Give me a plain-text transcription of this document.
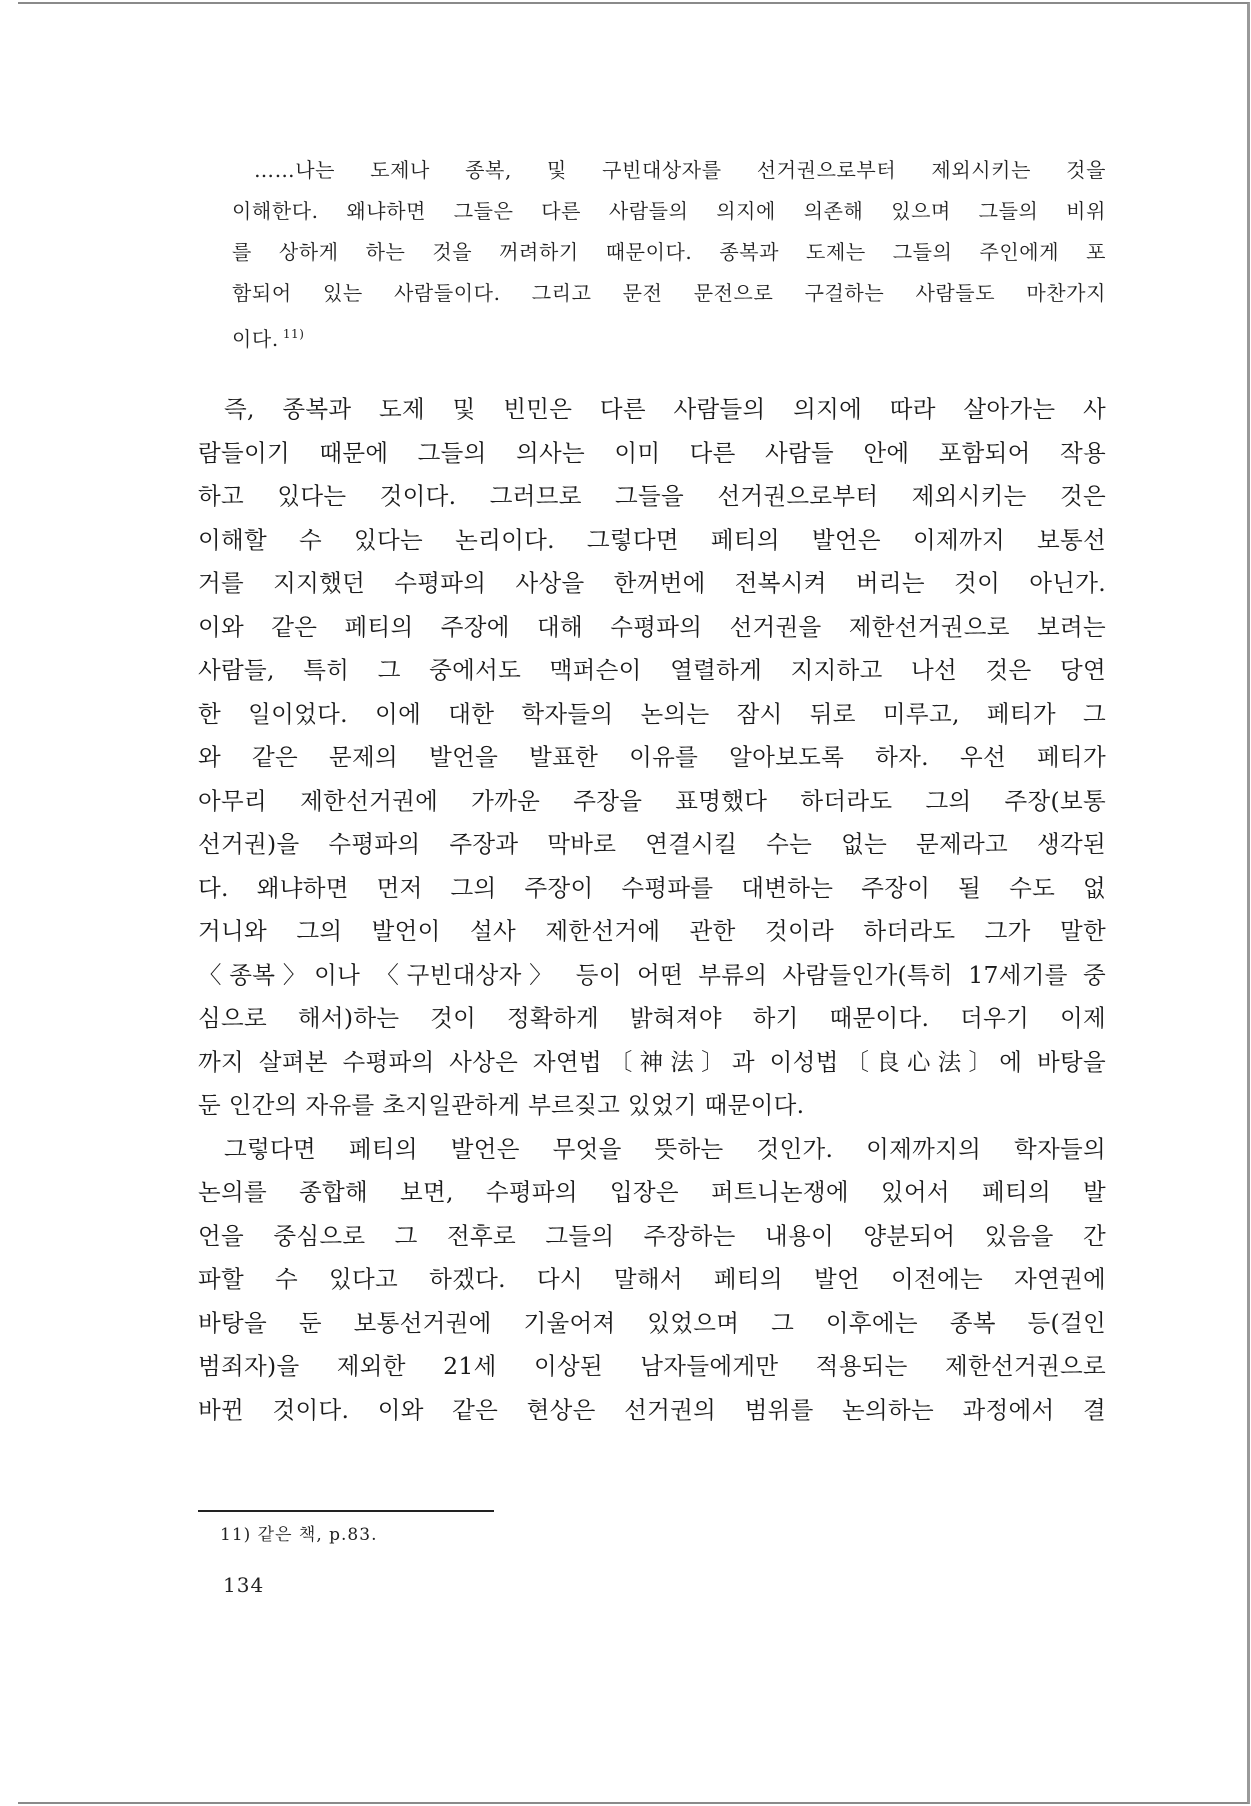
……나는 도제나 종복, 및 구빈대상자를 선거권으로부터 제외시키는 것을
이해한다. 왜냐하면 그들은 다른 사람들의 의지에 의존해 있으며 그들의 비위
를 상하게 하는 것을 꺼려하기 때문이다. 종복과 도제는 그들의 주인에게 포
함되어 있는 사람들이다. 그리고 문전 문전으로 구걸하는 사람들도 마찬가지
이다. $^{11)}$
즉, 종복과 도제 및 빈민은 다른 사람들의 의지에 따라 살아가는 사
람들이기 때문에 그들의 의사는 이미 다른 사람들 안에 포함되어 작용
하고 있다는 것이다. 그러므로 그들을 선거권으로부터 제외시키는 것은
이해할 수 있다는 논리이다. 그렇다면 페티의 발언은 이제까지 보통선
거를 지지했던 수평파의 사상을 한꺼번에 전복시켜 버리는 것이 아닌가.
이와 같은 페티의 주장에 대해 수평파의 선거권을 제한선거권으로 보려는
사람들, 특히 그 중에서도 맥퍼슨이 열렬하게 지지하고 나선 것은 당연
한 일이었다. 이에 대한 학자들의 논의는 잠시 뒤로 미루고, 페티가 그
와 같은 문제의 발언을 발표한 이유를 알아보도록 하자. 우선 페티가
아무리 제한선거권에 가까운 주장을 표명했다 하더라도 그의 주장(보통
선거권)을 수평파의 주장과 막바로 연결시킬 수는 없는 문제라고 생각된
다. 왜냐하면 먼저 그의 주장이 수평파를 대변하는 주장이 될 수도 없
거니와 그의 발언이 설사 제한선거에 관한 것이라 하더라도 그가 말한
〈종복〉이나 〈구빈대상자〉 등이 어떤 부류의 사람들인가(특히 17세기를 중
심으로 해서)하는 것이 정확하게 밝혀져야 하기 때문이다. 더우기 이제
까지 살펴본 수평파의 사상은 자연법〔神法〕과 이성법〔良心法〕에 바탕을
둔 인간의 자유를 초지일관하게 부르짖고 있었기 때문이다.
그렇다면 페티의 발언은 무엇을 뜻하는 것인가. 이제까지의 학자들의
논의를 종합해 보면, 수평파의 입장은 퍼트니논쟁에 있어서 페티의 발
언을 중심으로 그 전후로 그들의 주장하는 내용이 양분되어 있음을 간
파할 수 있다고 하겠다. 다시 말해서 페티의 발언 이전에는 자연권에
바탕을 둔 보통선거권에 기울어져 있었으며 그 이후에는 종복 등(걸인
범죄자)을 제외한 21세 이상된 남자들에게만 적용되는 제한선거권으로
바뀐 것이다. 이와 같은 현상은 선거권의 범위를 논의하는 과정에서 결
11) 같은 책, p.83.
134
